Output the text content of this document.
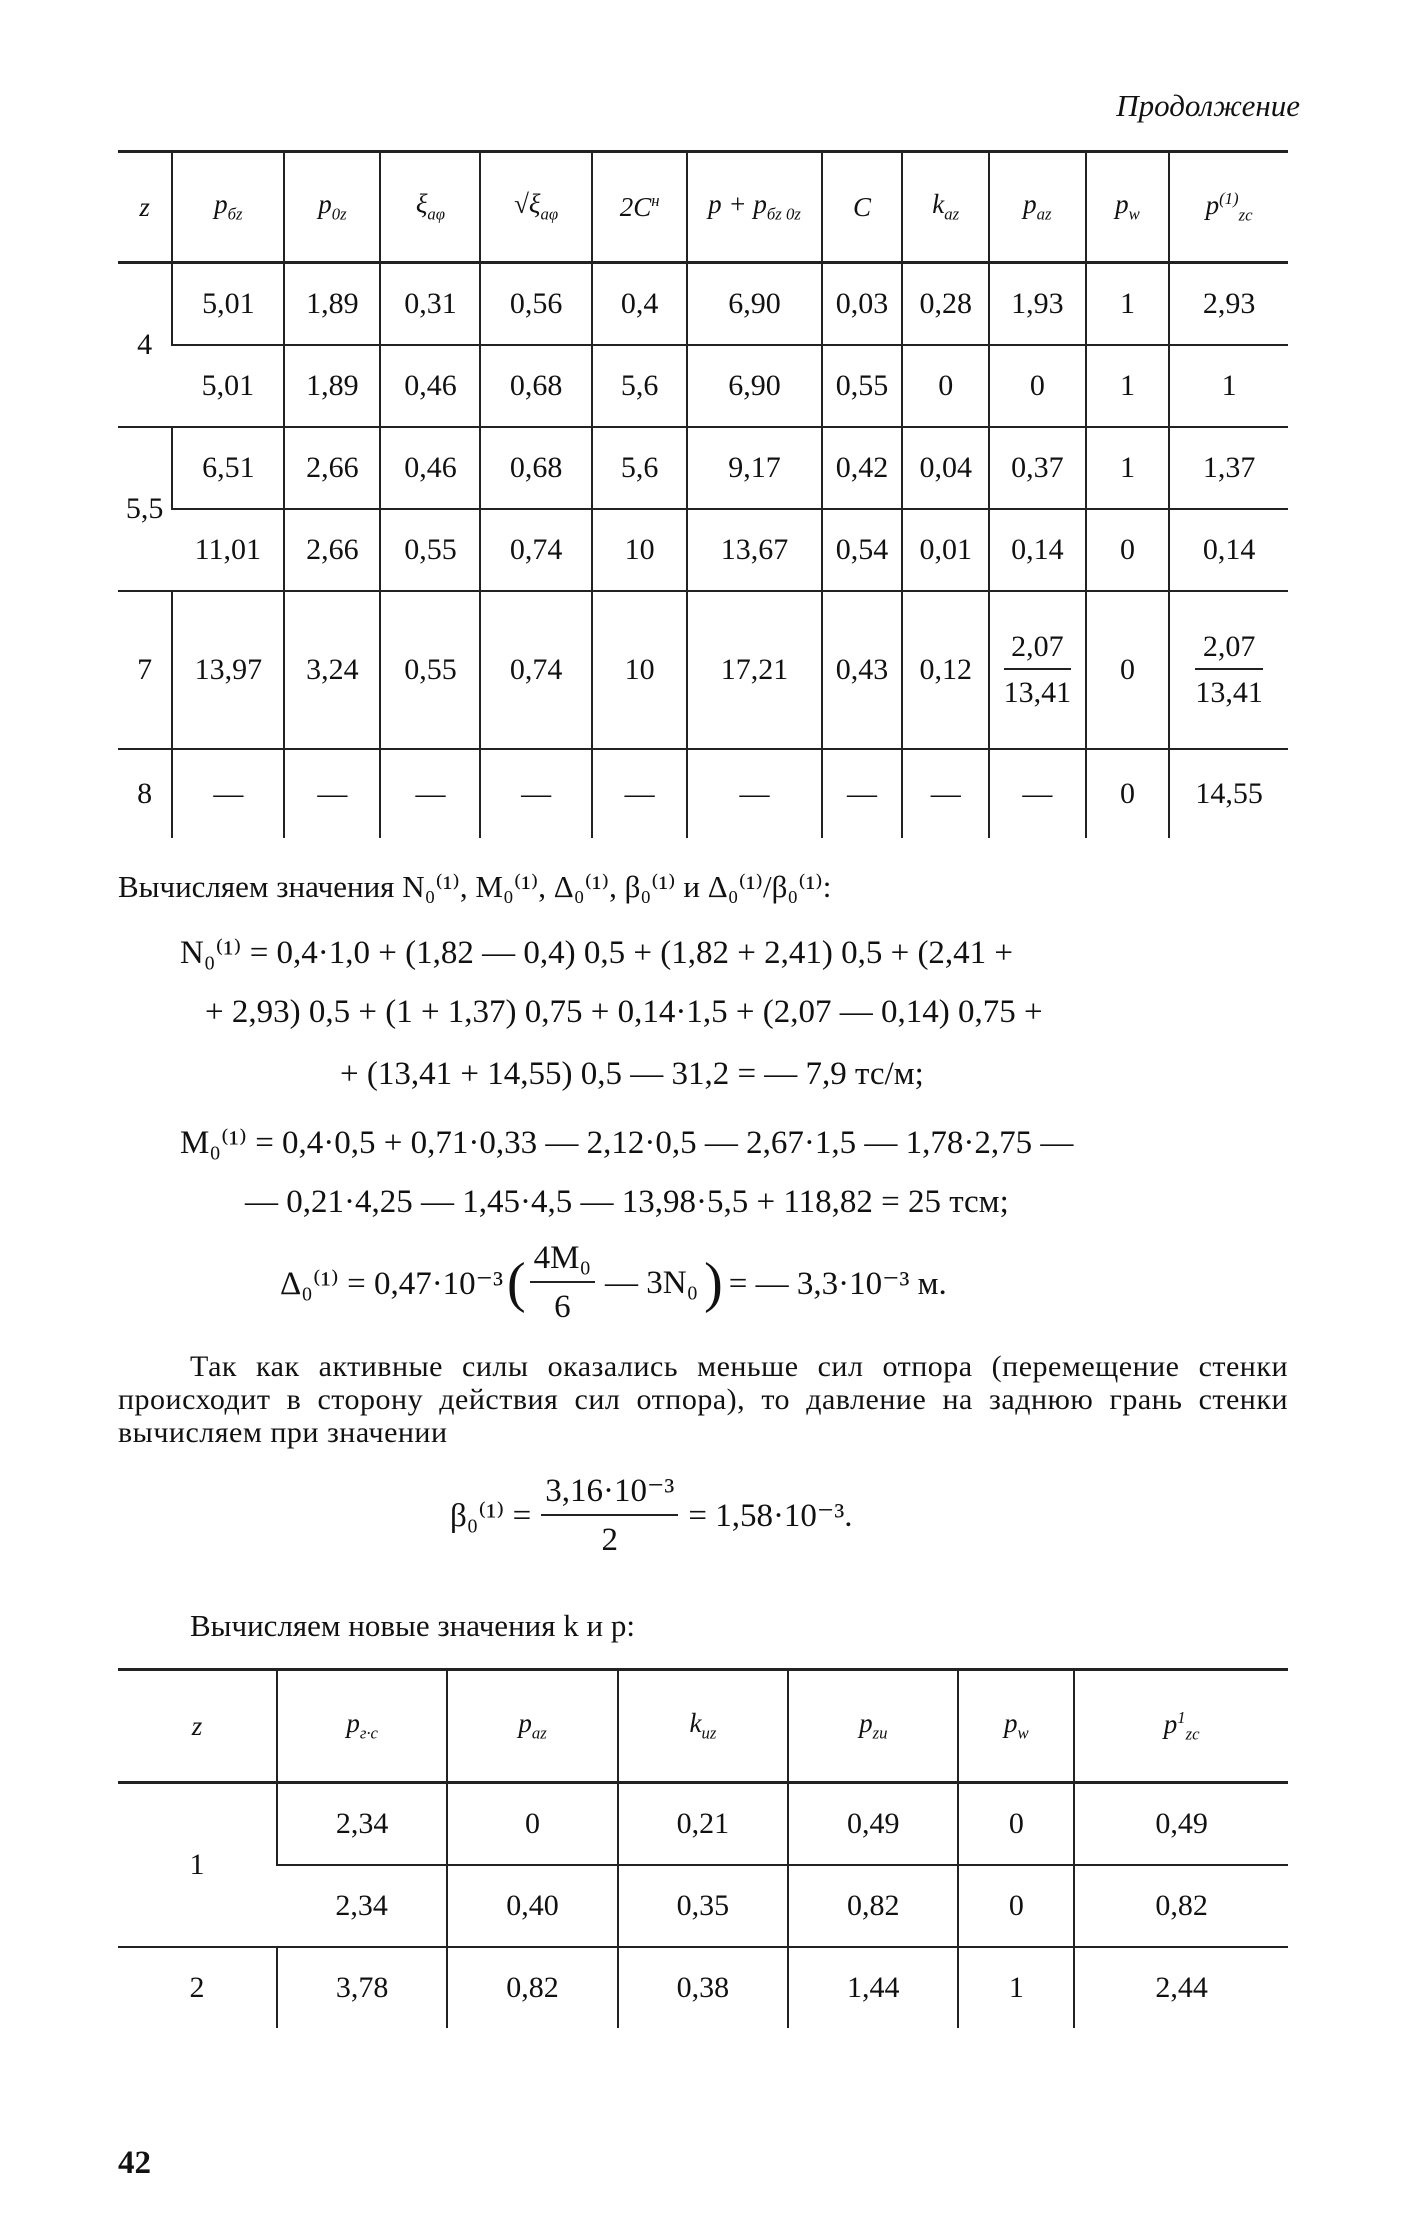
Продолжение
z	$p_{бz}$	$p_{0z}$	$\xi_{а\varphi}$	$√\xi_{а\varphi}$	$2C^н$	$p + p_{бz 0z}$	C	$k_{аz}$	$p_{аz}$	$p_w$	$p^{(1)}_{zc}$
4	5,01	1,89	0,31	0,56	0,4	6,90	0,03	0,28	1,93	1	2,93
	5,01	1,89	0,46	0,68	5,6	6,90	0,55	0	0	1	1
5,5	6,51	2,66	0,46	0,68	5,6	9,17	0,42	0,04	0,37	1	1,37
	11,01	2,66	0,55	0,74	10	13,67	0,54	0,01	0,14	0	0,14
7	13,97	3,24	0,55	0,74	10	17,21	0,43	0,12	$\frac{2,07}{13,41}$	0	$\frac{2,07}{13,41}$

8	—	—	—	—	—	—	—	—	—	0	14,55
Вычисляем значения N₀⁽¹⁾, M₀⁽¹⁾, Δ₀⁽¹⁾, β₀⁽¹⁾ и Δ₀⁽¹⁾/β₀⁽¹⁾:
N₀⁽¹⁾ = 0,4·1,0 + (1,82 — 0,4) 0,5 + (1,82 + 2,41) 0,5 + (2,41 +
+ 2,93) 0,5 + (1 + 1,37) 0,75 + 0,14·1,5 + (2,07 — 0,14) 0,75 +
+ (13,41 + 14,55) 0,5 — 31,2 = — 7,9 тс/м;
M₀⁽¹⁾ = 0,4·0,5 + 0,71·0,33 — 2,12·0,5 — 2,67·1,5 — 1,78·2,75 —
— 0,21·4,25 — 1,45·4,5 — 13,98·5,5 + 118,82 = 25 тсм;
Δ₀⁽¹⁾ = 0,47·10⁻³ ( $\frac{\text{4M₀}}{6}$ — 3N₀ ) = — 3,3·10⁻³ м.
Так как активные силы оказались меньше сил отпора (перемещение стенки происходит в сторону действия сил отпора), то давление на заднюю грань стенки вычисляем при значении
$\beta_0^{(1)} = \frac{\text{3,16·10⁻³}}{2} = 1,58\cdot 10^{-3}$.
Вычисляем новые значения k и p:
z	$p_{г\cdot с}$	$p_{аz}$	$k_{uz}$	$p_{zu}$	$p_w$	$p^1_{zc}$
1	2,34	0	0,21	0,49	0	0,49
	2,34	0,40	0,35	0,82	0	0,82
2	3,78	0,82	0,38	1,44	1	2,44
42
